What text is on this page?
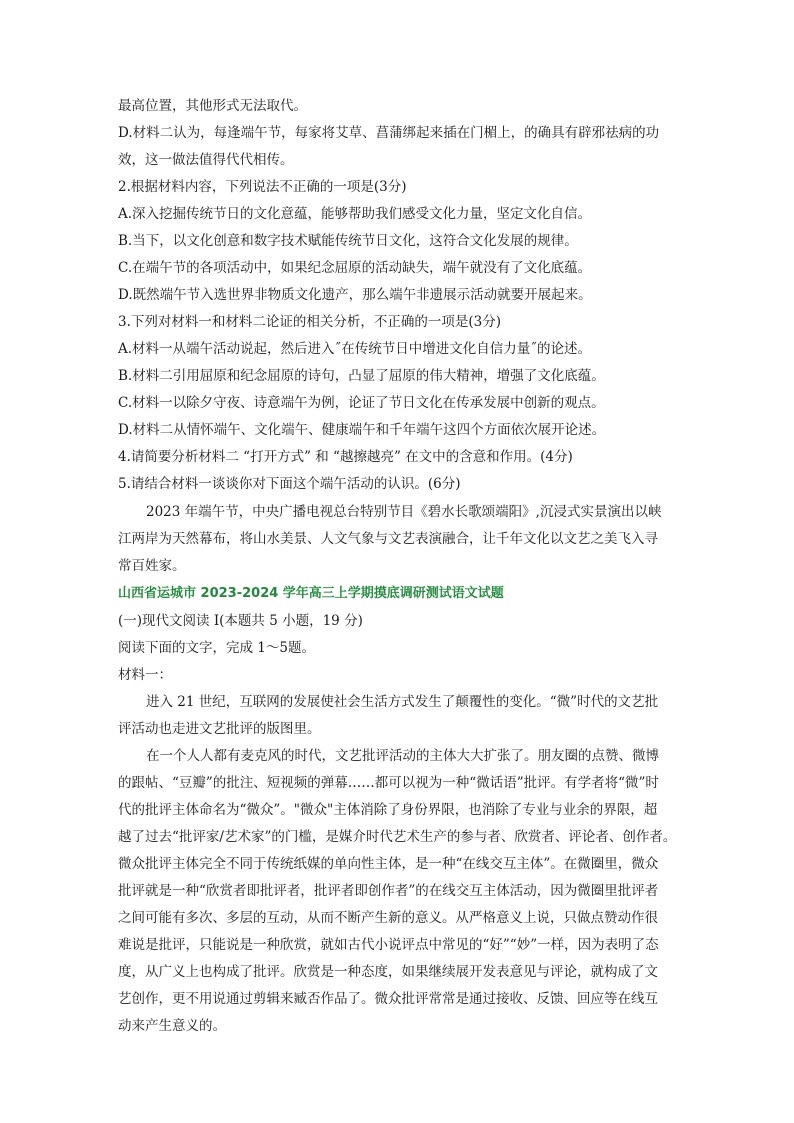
最高位置，其他形式无法取代。
D.材料二认为，每逢端午节，每家将艾草、菖蒲绑起来插在门楣上，的确具有辟邪祛病的功
效，这一做法值得代代相传。
2.根据材料内容，下列说法不正确的一项是(3分)
A.深入挖掘传统节日的文化意蕴，能够帮助我们感受文化力量，坚定文化自信。
B.当下，以文化创意和数字技术赋能传统节日文化，这符合文化发展的规律。
C.在端午节的各项活动中，如果纪念屈原的活动缺失，端午就没有了文化底蕴。
D.既然端午节入选世界非物质文化遗产，那么端午非遗展示活动就要开展起来。
3.下列对材料一和材料二论证的相关分析，不正确的一项是(3分)
A.材料一从端午活动说起，然后进入˝在传统节日中增进文化自信力量˝的论述。
B.材料二引用屈原和纪念屈原的诗句，凸显了屈原的伟大精神，增强了文化底蕴。
C.材料一以除夕守夜、诗意端午为例，论证了节日文化在传承发展中创新的观点。
D.材料二从情怀端午、文化端午、健康端午和千年端午这四个方面依次展开论述。
4.请简要分析材料二 “打开方式” 和 “越擦越亮” 在文中的含意和作用。(4分)
5.请结合材料一谈谈你对下面这个端午活动的认识。(6分)
2023 年端午节，中央广播电视总台特别节目《碧水长歌颂端阳》,沉浸式实景演出以峡
江两岸为天然幕布，将山水美景、人文气象与文艺表演融合，让千年文化以文艺之美飞入寻
常百姓家。
山西省运城市 2023-2024 学年高三上学期摸底调研测试语文试题
(一)现代文阅读 I(本题共 5 小题，19 分)
阅读下面的文字，完成 1～5题。
材料一：
进入 21 世纪，互联网的发展使社会生活方式发生了颠覆性的变化。“微”时代的文艺批
评活动也走进文艺批评的版图里。
在一个人人都有麦克风的时代，文艺批评活动的主体大大扩张了。朋友圈的点赞、微博
的跟帖、“豆瓣”的批注、短视频的弹幕……都可以视为一种“微话语”批评。有学者将“微”时
代的批评主体命名为“微众”。"微众"主体消除了身份界限，也消除了专业与业余的界限，超
越了过去“批评家/艺术家”的门槛，是媒介时代艺术生产的参与者、欣赏者、评论者、创作者。
微众批评主体完全不同于传统纸媒的单向性主体，是一种“在线交互主体”。在微圈里，微众
批评就是一种“欣赏者即批评者，批评者即创作者”的在线交互主体活动，因为微圈里批评者
之间可能有多次、多层的互动，从而不断产生新的意义。从严格意义上说，只做点赞动作很
难说是批评，只能说是一种欣赏，就如古代小说评点中常见的“好”“妙”一样，因为表明了态
度，从广义上也构成了批评。欣赏是一种态度，如果继续展开发表意见与评论，就构成了文
艺创作，更不用说通过剪辑来臧否作品了。微众批评常常是通过接收、反馈、回应等在线互
动来产生意义的。
